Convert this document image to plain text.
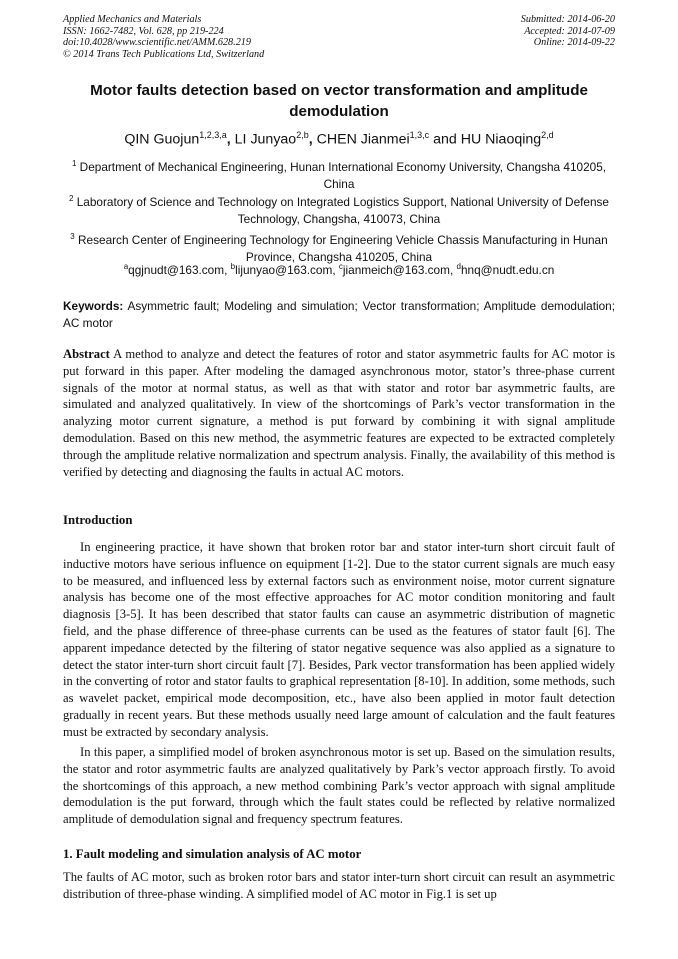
Applied Mechanics and Materials
ISSN: 1662-7482, Vol. 628, pp 219-224
doi:10.4028/www.scientific.net/AMM.628.219
© 2014 Trans Tech Publications Ltd, Switzerland
Submitted: 2014-06-20
Accepted: 2014-07-09
Online: 2014-09-22
Motor faults detection based on vector transformation and amplitude demodulation
QIN Guojun$^{1,2,3,a}$, LI Junyao$^{2,b}$, CHEN Jianmei$^{1,3,c}$ and HU Niaoqing$^{2,d}$
$^1$ Department of Mechanical Engineering, Hunan International Economy University, Changsha 410205, China
$^2$ Laboratory of Science and Technology on Integrated Logistics Support, National University of Defense Technology, Changsha, 410073, China
$^3$ Research Center of Engineering Technology for Engineering Vehicle Chassis Manufacturing in Hunan Province, Changsha 410205, China
$^a$qgjnudt@163.com, $^b$lijunyao@163.com, $^c$jianmeich@163.com, $^d$hnq@nudt.edu.cn
Keywords: Asymmetric fault; Modeling and simulation; Vector transformation; Amplitude demodulation; AC motor

Abstract A method to analyze and detect the features of rotor and stator asymmetric faults for AC motor is put forward in this paper. After modeling the damaged asynchronous motor, stator’s three-phase current signals of the motor at normal status, as well as that with stator and rotor bar asymmetric faults, are simulated and analyzed qualitatively. In view of the shortcomings of Park’s vector transformation in the analyzing motor current signature, a method is put forward by combining it with signal amplitude demodulation. Based on this new method, the asymmetric features are expected to be extracted completely through the amplitude relative normalization and spectrum analysis. Finally, the availability of this method is verified by detecting and diagnosing the faults in actual AC motors.

Introduction

In engineering practice, it have shown that broken rotor bar and stator inter-turn short circuit fault of inductive motors have serious influence on equipment [1-2]. Due to the stator current signals are much easy to be measured, and influenced less by external factors such as environment noise, motor current signature analysis has become one of the most effective approaches for AC motor condition monitoring and fault diagnosis [3-5]. It has been described that stator faults can cause an asymmetric distribution of magnetic field, and the phase difference of three-phase currents can be used as the features of stator fault [6]. The apparent impedance detected by the filtering of stator negative sequence was also applied as a signature to detect the stator inter-turn short circuit fault [7]. Besides, Park vector transformation has been applied widely in the converting of rotor and stator faults to graphical representation [8-10]. In addition, some methods, such as wavelet packet, empirical mode decomposition, etc., have also been applied in motor fault detection gradually in recent years. But these methods usually need large amount of calculation and the fault features must be extracted by secondary analysis.

In this paper, a simplified model of broken asynchronous motor is set up. Based on the simulation results, the stator and rotor asymmetric faults are analyzed qualitatively by Park’s vector approach firstly. To avoid the shortcomings of this approach, a new method combining Park’s vector approach with signal amplitude demodulation is the put forward, through which the fault states could be reflected by relative normalized amplitude of demodulation signal and frequency spectrum features.

1. Fault modeling and simulation analysis of AC motor

The faults of AC motor, such as broken rotor bars and stator inter-turn short circuit can result an asymmetric distribution of three-phase winding. A simplified model of AC motor in Fig.1 is set up
